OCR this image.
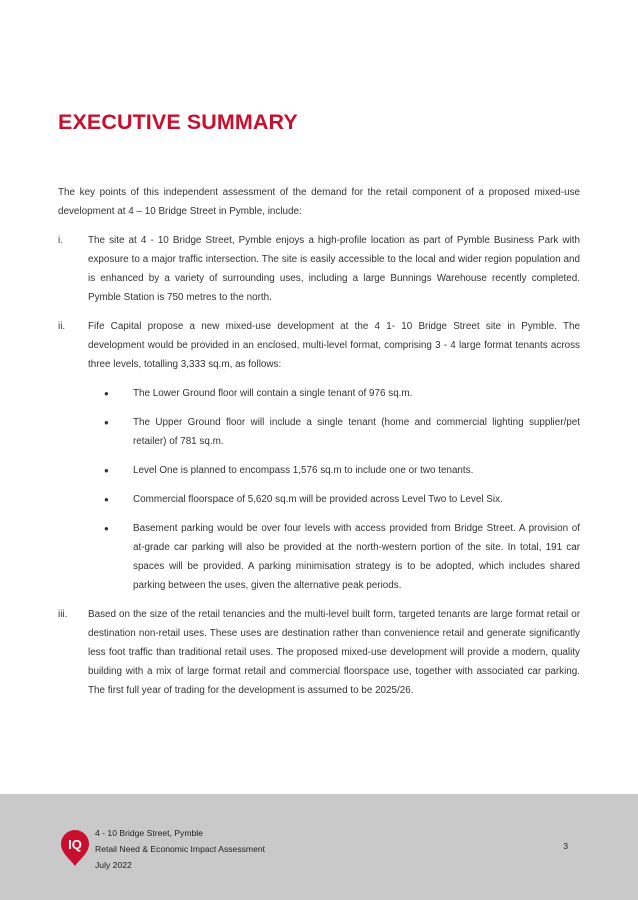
EXECUTIVE SUMMARY

The key points of this independent assessment of the demand for the retail component of a proposed mixed-use development at 4 – 10 Bridge Street in Pymble, include:

i.	The site at 4 - 10 Bridge Street, Pymble enjoys a high-profile location as part of Pymble Business Park with exposure to a major traffic intersection. The site is easily accessible to the local and wider region population and is enhanced by a variety of surrounding uses, including a large Bunnings Warehouse recently completed. Pymble Station is 750 metres to the north.

ii. Fife Capital propose a new mixed-use development at the 4 1- 10 Bridge Street site in Pymble. The development would be provided in an enclosed, multi-level format, comprising 3 - 4 large format tenants across three levels, totalling 3,333 sq.m, as follows:

● The Lower Ground floor will contain a single tenant of 976 sq.m.
● The Upper Ground floor will include a single tenant (home and commercial lighting supplier/pet retailer) of 781 sq.m.
● Level One is planned to encompass 1,576 sq.m to include one or two tenants.
● Commercial floorspace of 5,620 sq.m will be provided across Level Two to Level Six.
● Basement parking would be over four levels with access provided from Bridge Street. A provision of at-grade car parking will also be provided at the north-western portion of the site. In total, 191 car spaces will be provided. A parking minimisation strategy is to be adopted, which includes shared parking between the uses, given the alternative peak periods.
iii. Based on the size of the retail tenancies and the multi-level built form, targeted tenants are large format retail or destination non-retail uses. These uses are destination rather than convenience retail and generate significantly less foot traffic than traditional retail uses. The proposed mixed-use development will provide a modern, quality building with a mix of large format retail and commercial floorspace use, together with associated car parking. The first full year of trading for the development is assumed to be 2025/26.

IQ
4 - 10 Bridge Street, Pymble
Retail Need & Economic Impact Assessment
July 2022
3
